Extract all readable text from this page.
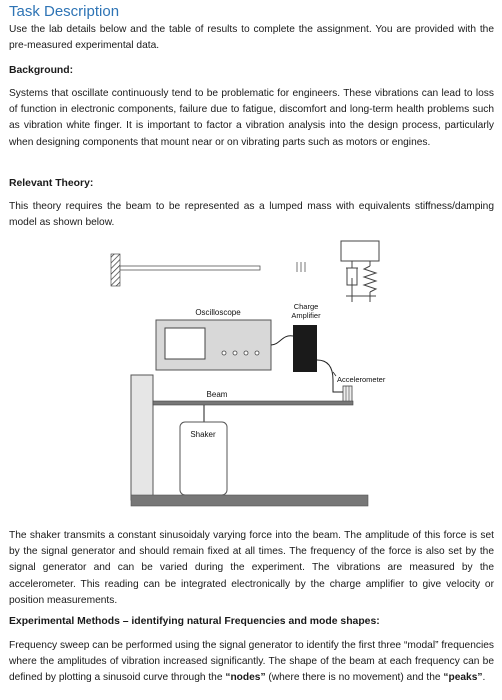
Task Description

Use the lab details below and the table of results to complete the assignment. You are provided with the pre-measured experimental data.

Background:

Systems that oscillate continuously tend to be problematic for engineers. These vibrations can lead to loss of function in electronic components, failure due to fatigue, discomfort and long-term health problems such as vibration white finger. It is important to factor a vibration analysis into the design process, particularly when designing components that mount near or on vibrating parts such as motors or engines.

Relevant Theory:

This theory requires the beam to be represented as a lumped mass with equivalents stiffness/damping model as shown below.

Oscilloscope
Charge
Amplifier
Accelerometer
Beam
Shaker

The shaker transmits a constant sinusoidaly varying force into the beam. The amplitude of this force is set by the signal generator and should remain fixed at all times. The frequency of the force is also set by the signal generator and can be varied during the experiment. The vibrations are measured by the accelerometer. This reading can be integrated electronically by the charge amplifier to give velocity or position measurements.

Experimental Methods – identifying natural Frequencies and mode shapes:

Frequency sweep can be performed using the signal generator to identify the first three “modal” frequencies where the amplitudes of vibration increased significantly. The shape of the beam at each frequency can be defined by plotting a sinusoid curve through the “nodes” (where there is no movement) and the “peaks”.
